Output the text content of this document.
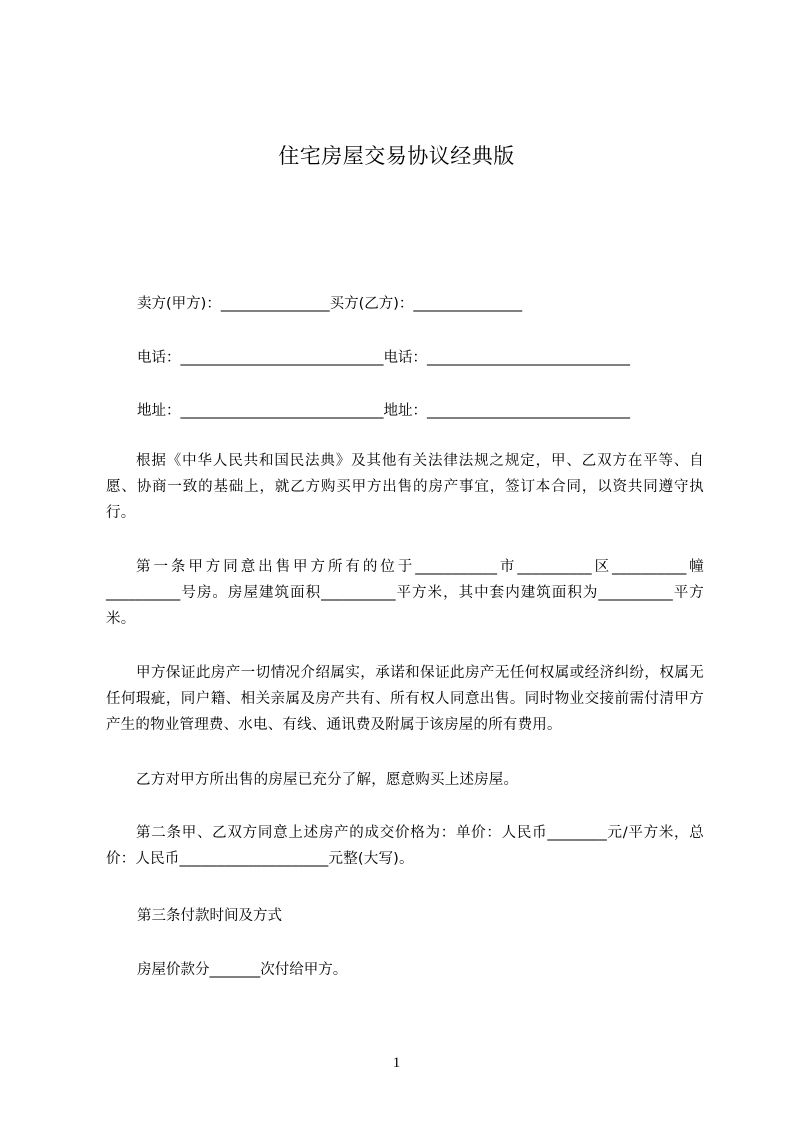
住宅房屋交易协议经典版
卖方(甲方)：_______________买方(乙方)：_______________
电话：____________________________电话：____________________________
地址：____________________________地址：____________________________
根据《中华人民共和国民法典》及其他有关法律法规之规定，甲、乙双方在平等、自愿、协商一致的基础上，就乙方购买甲方出售的房产事宜，签订本合同，以资共同遵守执行。
第一条甲方同意出售甲方所有的位于___________市__________区__________幢__________号房。房屋建筑面积__________平方米，其中套内建筑面积为__________平方米。
甲方保证此房产一切情况介绍属实，承诺和保证此房产无任何权属或经济纠纷，权属无任何瑕疵，同户籍、相关亲属及房产共有、所有权人同意出售。同时物业交接前需付清甲方产生的物业管理费、水电、有线、通讯费及附属于该房屋的所有费用。
乙方对甲方所出售的房屋已充分了解，愿意购买上述房屋。
第二条甲、乙双方同意上述房产的成交价格为：单价：人民币________元/平方米，总价：人民币____________________元整(大写)。
第三条付款时间及方式
房屋价款分_______次付给甲方。
1
